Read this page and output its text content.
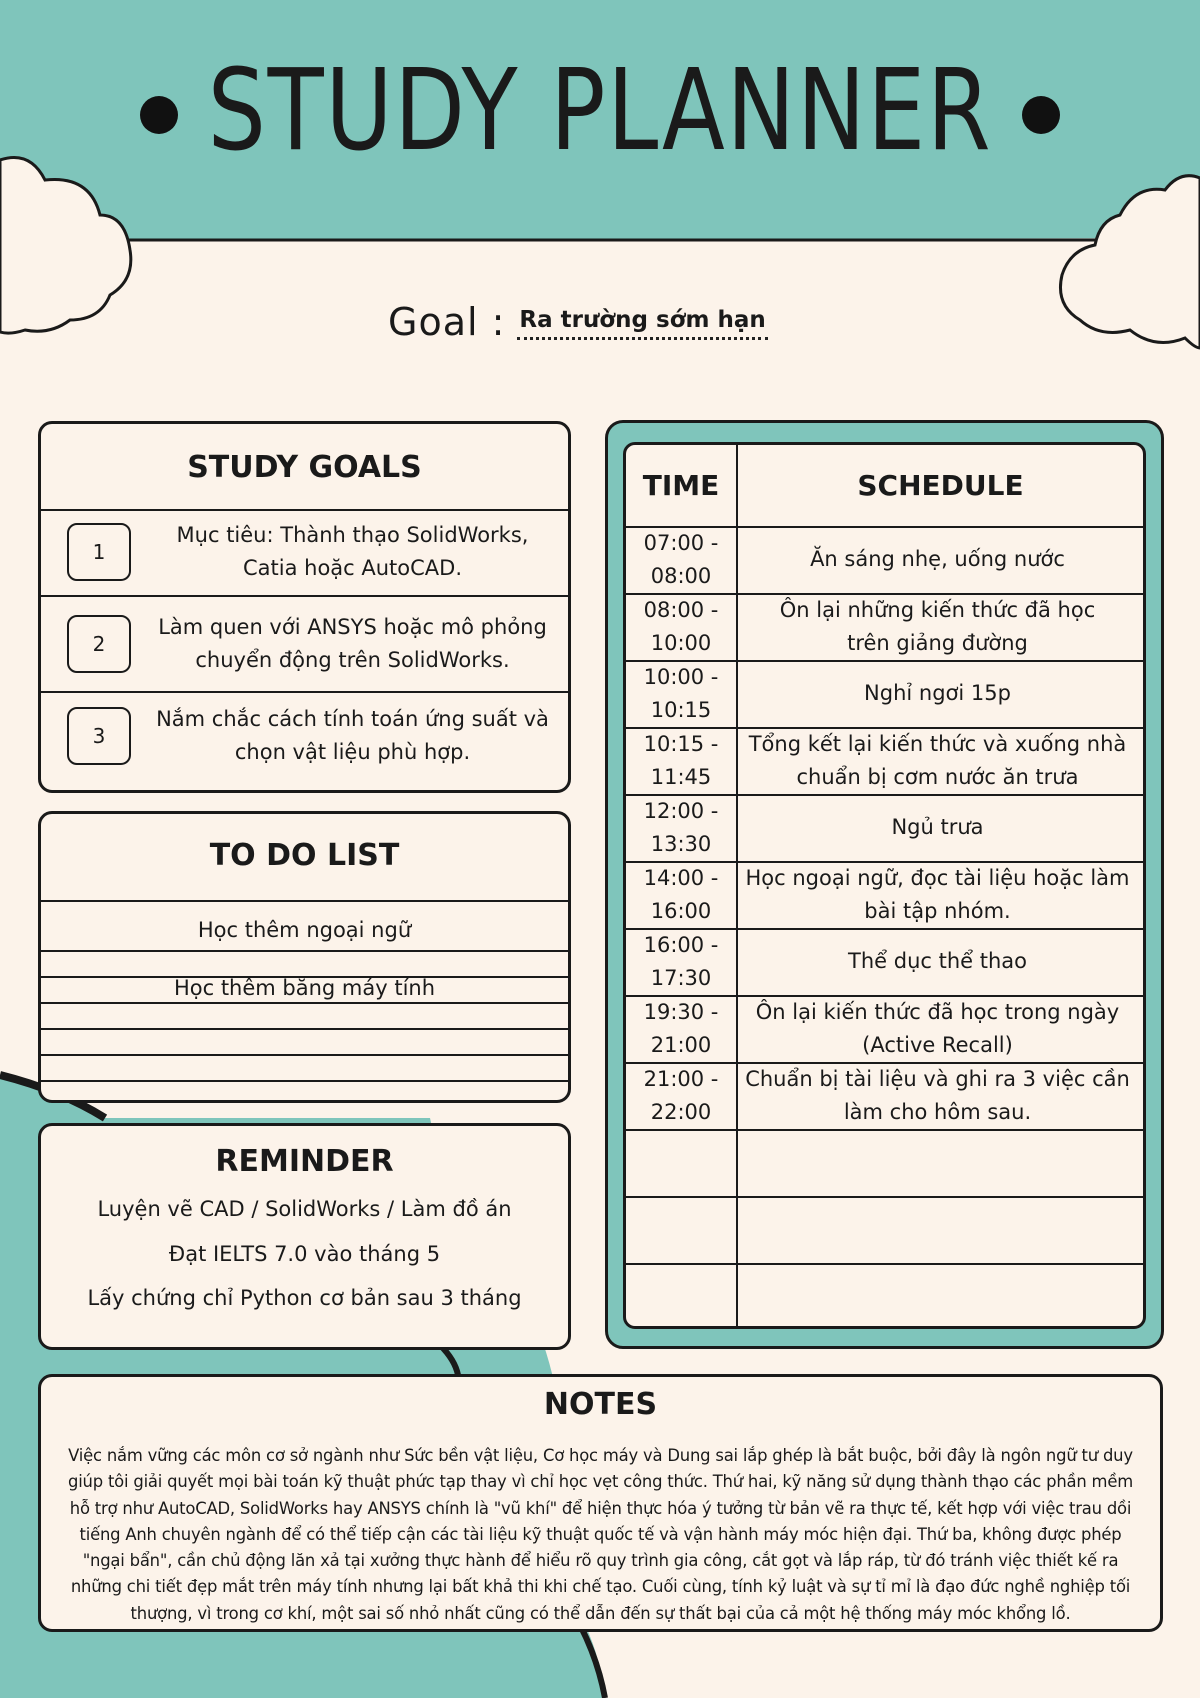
STUDY PLANNER
Goal : Ra trường sớm hạn
STUDY GOALS
1
Mục tiêu: Thành thạo SolidWorks,
Catia hoặc AutoCAD.
2
Làm quen với ANSYS hoặc mô phỏng
chuyển động trên SolidWorks.
3
Nắm chắc cách tính toán ứng suất và
chọn vật liệu phù hợp.
TO DO LIST
Học thêm ngoại ngữ
Học thêm băng máy tính
REMINDER
Luyện vẽ CAD / SolidWorks / Làm đồ án
Đạt IELTS 7.0 vào tháng 5
Lấy chứng chỉ Python cơ bản sau 3 tháng
TIME	SCHEDULE
07:00 -
08:00
Ăn sáng nhẹ, uống nước
08:00 -
10:00
Ôn lại những kiến thức đã học
trên giảng đường
10:00 -
10:15
Nghỉ ngơi 15p
10:15 -
11:45
Tổng kết lại kiến thức và xuống nhà
chuẩn bị cơm nước ăn trưa
12:00 -
13:30
Ngủ trưa
14:00 -
16:00
Học ngoại ngữ, đọc tài liệu hoặc làm
bài tập nhóm.
16:00 -
17:30
Thể dục thể thao
19:30 -
21:00
Ôn lại kiến thức đã học trong ngày
(Active Recall)
21:00 -
22:00
Chuẩn bị tài liệu và ghi ra 3 việc cần
làm cho hôm sau.
NOTES
Việc nắm vững các môn cơ sở ngành như Sức bền vật liệu, Cơ học máy và Dung sai lắp ghép là bắt buộc, bởi đây là ngôn ngữ tư duy
giúp tôi giải quyết mọi bài toán kỹ thuật phức tạp thay vì chỉ học vẹt công thức. Thứ hai, kỹ năng sử dụng thành thạo các phần mềm
hỗ trợ như AutoCAD, SolidWorks hay ANSYS chính là "vũ khí" để hiện thực hóa ý tưởng từ bản vẽ ra thực tế, kết hợp với việc trau dồi
tiếng Anh chuyên ngành để có thể tiếp cận các tài liệu kỹ thuật quốc tế và vận hành máy móc hiện đại. Thứ ba, không được phép
"ngại bẩn", cần chủ động lăn xả tại xưởng thực hành để hiểu rõ quy trình gia công, cắt gọt và lắp ráp, từ đó tránh việc thiết kế ra
những chi tiết đẹp mắt trên máy tính nhưng lại bất khả thi khi chế tạo. Cuối cùng, tính kỷ luật và sự tỉ mỉ là đạo đức nghề nghiệp tối
thượng, vì trong cơ khí, một sai số nhỏ nhất cũng có thể dẫn đến sự thất bại của cả một hệ thống máy móc khổng lồ.
